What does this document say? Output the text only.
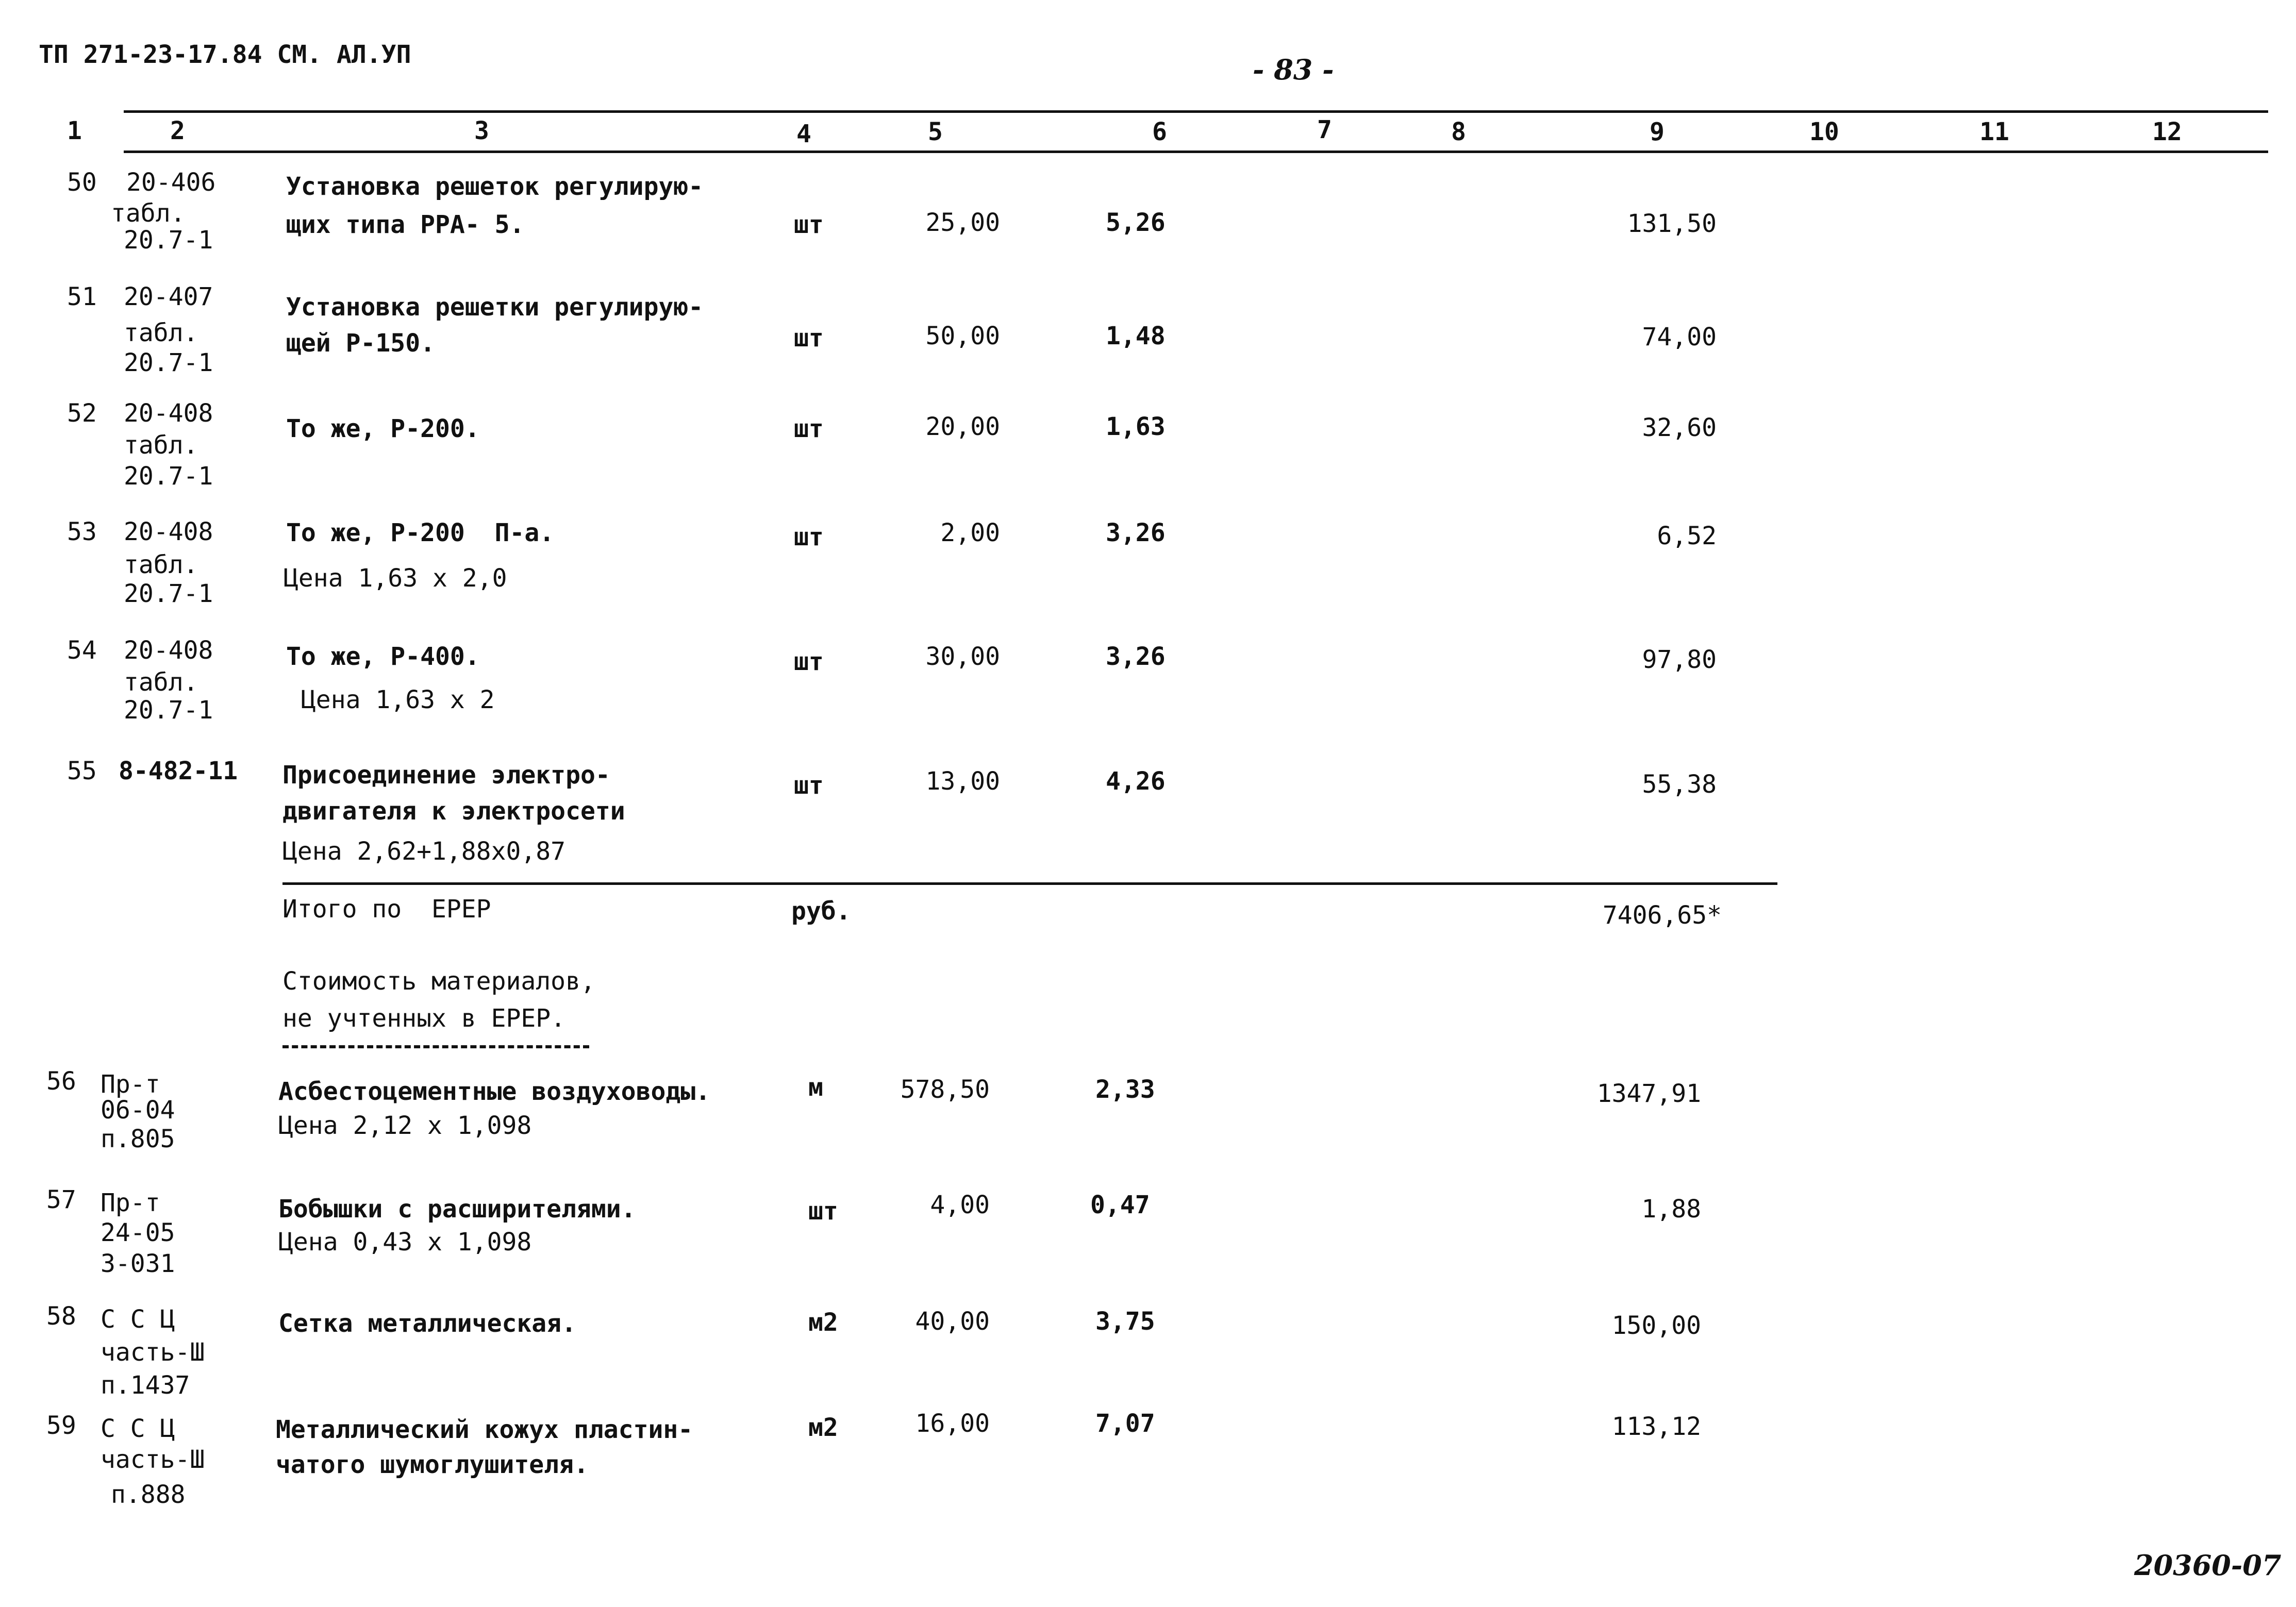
ТП 271-23-17.84 СМ. АЛ.УП	- 83 -
1	2	3	4	5	6	7	8	9	10	11	12
50 20-406
табл.
20.7-1
Установка решеток регулирую-
щих типа РРА- 5.	шт	25,00	5,26	131,50
51 20-407
табл.
20.7-1
Установка решетки регулирую-
щей Р-150.	шт	50,00	1,48	74,00
52 20-408
табл.
20.7-1
То же, Р-200.	шт	20,00	1,63	32,60
53 20-408
табл.
20.7-1
То же, Р-200  П-а.
Цена 1,63 х 2,0
шт	2,00	3,26	6,52
54 20-408
табл.
20.7-1
То же, Р-400.
Цена 1,63 х 2
шт	30,00	3,26	97,80
55 8-482-11 Присоединение электро-
двигателя к электросети
Цена 2,62+1,88х0,87
шт	13,00	4,26	55,38
Итого по  ЕРЕР	руб.	7406,65*
Стоимость материалов,
не учтенных в ЕРЕР.
56 Пр-т
06-04
п.805
Асбестоцементные воздуховоды.
Цена 2,12 х 1,098
м	578,50	2,33	1347,91
57 Пр-т
24-05
3-031
Бобышки с расширителями.
Цена 0,43 х 1,098
шт	4,00	0,47	1,88
58 С С Ц
часть-Ш
п.1437
Сетка металлическая.	м2	40,00	3,75	150,00
59 С С Ц
часть-Ш
п.888
Металлический кожух пластин-
чатого шумоглушителя.
м2	16,00	7,07	113,12
20360-07
